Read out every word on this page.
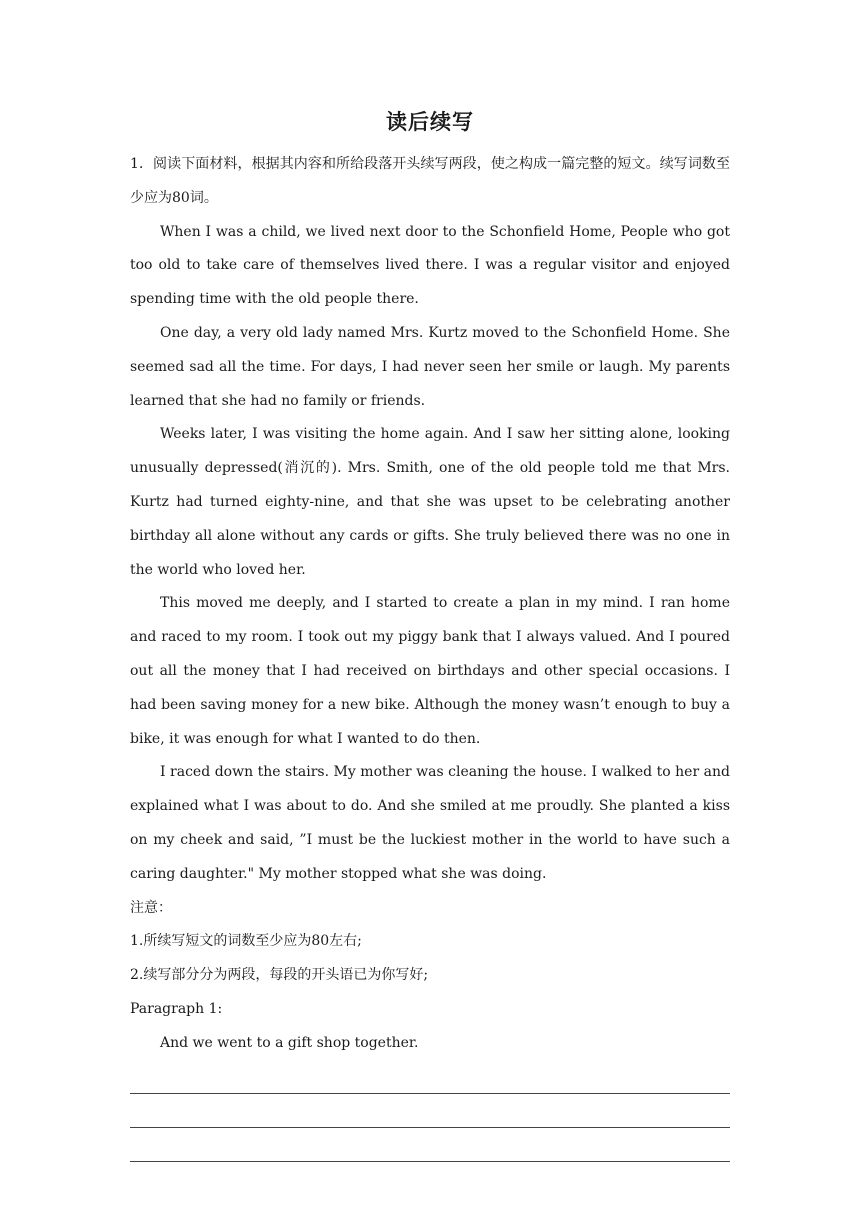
读后续写

1．阅读下面材料，根据其内容和所给段落开头续写两段，使之构成一篇完整的短文。续写词数至少应为80词。

When I was a child, we lived next door to the Schonfield Home, People who got too old to take care of themselves lived there. I was a regular visitor and enjoyed spending time with the old people there.

One day, a very old lady named Mrs. Kurtz moved to the Schonfield Home. She seemed sad all the time. For days, I had never seen her smile or laugh. My parents learned that she had no family or friends.

Weeks later, I was visiting the home again. And I saw her sitting alone, looking unusually depressed(消沉的). Mrs. Smith, one of the old people told me that Mrs. Kurtz had turned eighty-nine, and that she was upset to be celebrating another birthday all alone without any cards or gifts. She truly believed there was no one in the world who loved her.

This moved me deeply, and I started to create a plan in my mind. I ran home and raced to my room. I took out my piggy bank that I always valued. And I poured out all the money that I had received on birthdays and other special occasions. I had been saving money for a new bike. Although the money wasn’t enough to buy a bike, it was enough for what I wanted to do then.

I raced down the stairs. My mother was cleaning the house. I walked to her and explained what I was about to do. And she smiled at me proudly. She planted a kiss on my cheek and said, ”I must be the luckiest mother in the world to have such a caring daughter." My mother stopped what she was doing.

注意：

1.所续写短文的词数至少应为80左右;

2.续写部分分为两段，每段的开头语已为你写好;

Paragraph 1:

And we went to a gift shop together.
